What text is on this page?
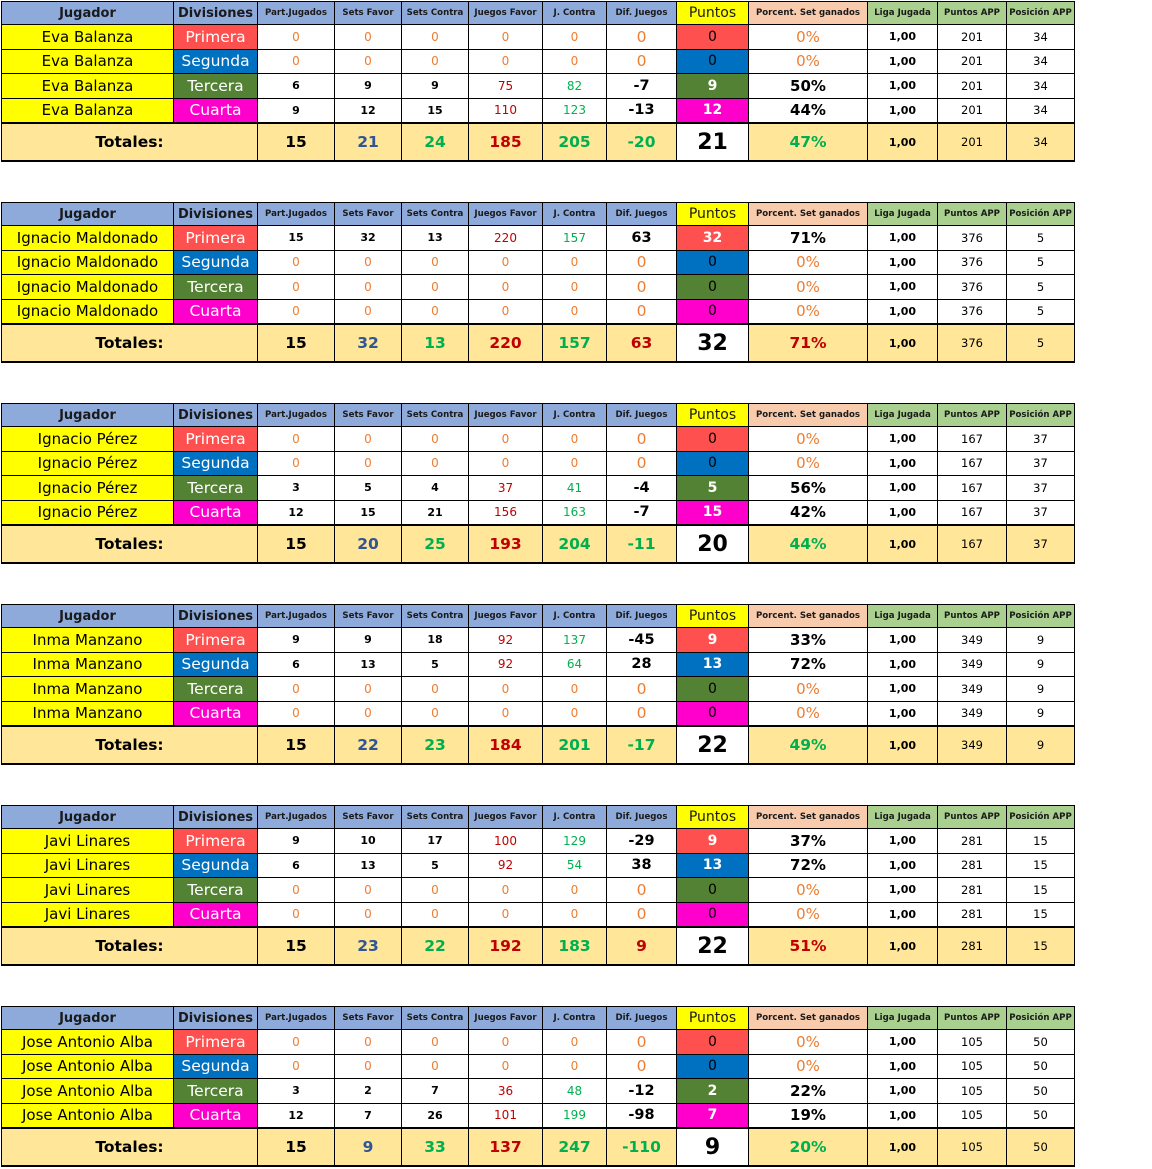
Jugador	Divisiones	Part.Jugados	Sets Favor	Sets Contra	Juegos Favor	J. Contra	Dif. Juegos	Puntos	Porcent. Set ganados	Liga Jugada	Puntos APP	Posición APP
Eva Balanza	Primera	0	0	0	0	0	0	0	0%	1,00	201	34
Eva Balanza	Segunda	0	0	0	0	0	0	0	0%	1,00	201	34
Eva Balanza	Tercera	6	9	9	75	82	-7	9	50%	1,00	201	34
Eva Balanza	Cuarta	9	12	15	110	123	-13	12	44%	1,00	201	34
Totales:		15	21	24	185	205	-20	21	47%	1,00	201	34
Jugador	Divisiones	Part.Jugados	Sets Favor	Sets Contra	Juegos Favor	J. Contra	Dif. Juegos	Puntos	Porcent. Set ganados	Liga Jugada	Puntos APP	Posición APP
Ignacio Maldonado	Primera	15	32	13	220	157	63	32	71%	1,00	376	5
Ignacio Maldonado	Segunda	0	0	0	0	0	0	0	0%	1,00	376	5
Ignacio Maldonado	Tercera	0	0	0	0	0	0	0	0%	1,00	376	5
Ignacio Maldonado	Cuarta	0	0	0	0	0	0	0	0%	1,00	376	5
Totales:		15	32	13	220	157	63	32	71%	1,00	376	5
Jugador	Divisiones	Part.Jugados	Sets Favor	Sets Contra	Juegos Favor	J. Contra	Dif. Juegos	Puntos	Porcent. Set ganados	Liga Jugada	Puntos APP	Posición APP
Ignacio Pérez	Primera	0	0	0	0	0	0	0	0%	1,00	167	37
Ignacio Pérez	Segunda	0	0	0	0	0	0	0	0%	1,00	167	37
Ignacio Pérez	Tercera	3	5	4	37	41	-4	5	56%	1,00	167	37
Ignacio Pérez	Cuarta	12	15	21	156	163	-7	15	42%	1,00	167	37
Totales:		15	20	25	193	204	-11	20	44%	1,00	167	37
Jugador	Divisiones	Part.Jugados	Sets Favor	Sets Contra	Juegos Favor	J. Contra	Dif. Juegos	Puntos	Porcent. Set ganados	Liga Jugada	Puntos APP	Posición APP
Inma Manzano	Primera	9	9	18	92	137	-45	9	33%	1,00	349	9
Inma Manzano	Segunda	6	13	5	92	64	28	13	72%	1,00	349	9
Inma Manzano	Tercera	0	0	0	0	0	0	0	0%	1,00	349	9
Inma Manzano	Cuarta	0	0	0	0	0	0	0	0%	1,00	349	9
Totales:		15	22	23	184	201	-17	22	49%	1,00	349	9
Jugador	Divisiones	Part.Jugados	Sets Favor	Sets Contra	Juegos Favor	J. Contra	Dif. Juegos	Puntos	Porcent. Set ganados	Liga Jugada	Puntos APP	Posición APP
Javi Linares	Primera	9	10	17	100	129	-29	9	37%	1,00	281	15
Javi Linares	Segunda	6	13	5	92	54	38	13	72%	1,00	281	15
Javi Linares	Tercera	0	0	0	0	0	0	0	0%	1,00	281	15
Javi Linares	Cuarta	0	0	0	0	0	0	0	0%	1,00	281	15
Totales:		15	23	22	192	183	9	22	51%	1,00	281	15
Jugador	Divisiones	Part.Jugados	Sets Favor	Sets Contra	Juegos Favor	J. Contra	Dif. Juegos	Puntos	Porcent. Set ganados	Liga Jugada	Puntos APP	Posición APP
Jose Antonio Alba	Primera	0	0	0	0	0	0	0	0%	1,00	105	50
Jose Antonio Alba	Segunda	0	0	0	0	0	0	0	0%	1,00	105	50
Jose Antonio Alba	Tercera	3	2	7	36	48	-12	2	22%	1,00	105	50
Jose Antonio Alba	Cuarta	12	7	26	101	199	-98	7	19%	1,00	105	50
Totales:		15	9	33	137	247	-110	9	20%	1,00	105	50
